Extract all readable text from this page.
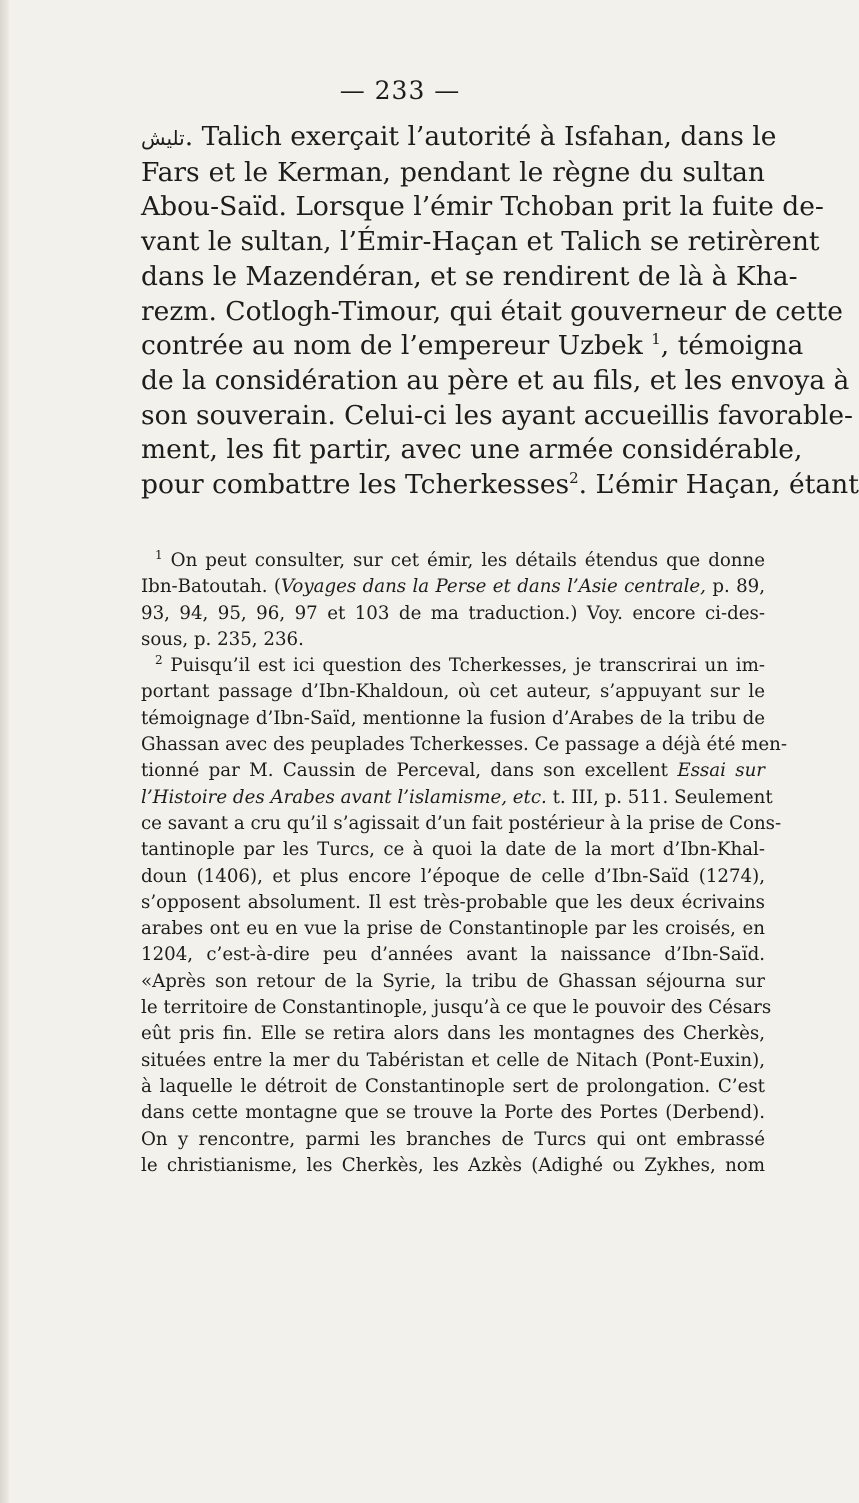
— 233 —
تليش. Talich exerçait l’autorité à Isfahan, dans le
Fars et le Kerman, pendant le règne du sultan
Abou-Saïd. Lorsque l’émir Tchoban prit la fuite de-
vant le sultan, l’Émir-Haçan et Talich se retirèrent
dans le Mazendéran, et se rendirent de là à Kha-
rezm. Cotlogh-Timour, qui était gouverneur de cette
contrée au nom de l’empereur Uzbek $^1$, témoigna
de la considération au père et au fils, et les envoya à
son souverain. Celui-ci les ayant accueillis favorable-
ment, les fit partir, avec une armée considérable,
pour combattre les Tcherkesses$^2$. L’émir Haçan, étant
$^1$ On peut consulter, sur cet émir, les détails étendus que donne
Ibn-Batoutah. (Voyages dans la Perse et dans l’Asie centrale, p. 89,
93, 94, 95, 96, 97 et 103 de ma traduction.) Voy. encore ci-des-
sous, p. 235, 236.
$^2$ Puisqu’il est ici question des Tcherkesses, je transcrirai un im-
portant passage d’Ibn-Khaldoun, où cet auteur, s’appuyant sur le
témoignage d’Ibn-Saïd, mentionne la fusion d’Arabes de la tribu de
Ghassan avec des peuplades Tcherkesses. Ce passage a déjà été men-
tionné par M. Caussin de Perceval, dans son excellent Essai sur
l’Histoire des Arabes avant l’islamisme, etc. t. III, p. 511. Seulement
ce savant a cru qu’il s’agissait d’un fait postérieur à la prise de Cons-
tantinople par les Turcs, ce à quoi la date de la mort d’Ibn-Khal-
doun (1406), et plus encore l’époque de celle d’Ibn-Saïd (1274),
s’opposent absolument. Il est très-probable que les deux écrivains
arabes ont eu en vue la prise de Constantinople par les croisés, en
1204, c’est-à-dire peu d’années avant la naissance d’Ibn-Saïd.
«Après son retour de la Syrie, la tribu de Ghassan séjourna sur
le territoire de Constantinople, jusqu’à ce que le pouvoir des Césars
eût pris fin. Elle se retira alors dans les montagnes des Cherkès,
situées entre la mer du Tabéristan et celle de Nitach (Pont-Euxin),
à laquelle le détroit de Constantinople sert de prolongation. C’est
dans cette montagne que se trouve la Porte des Portes (Derbend).
On y rencontre, parmi les branches de Turcs qui ont embrassé
le christianisme, les Cherkès, les Azkès (Adighé ou Zykhes, nom
